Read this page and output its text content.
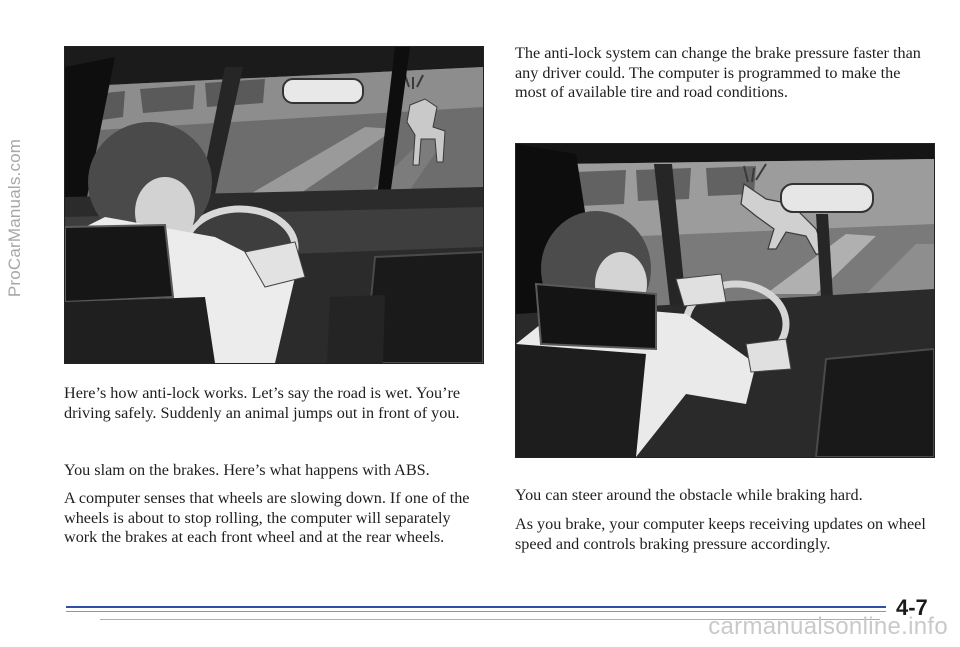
ProCarManuals.com

The anti-lock system can change the brake pressure faster than any driver could. The computer is programmed to make the most of available tire and road conditions.

Here’s how anti-lock works. Let’s say the road is wet. You’re driving safely. Suddenly an animal jumps out in front of you.

You slam on the brakes. Here’s what happens with ABS.

A computer senses that wheels are slowing down. If one of the wheels is about to stop rolling, the computer will separately work the brakes at each front wheel and at the rear wheels.

You can steer around the obstacle while braking hard.

As you brake, your computer keeps receiving updates on wheel speed and controls braking pressure accordingly.

4-7
carmanualsonline.info
